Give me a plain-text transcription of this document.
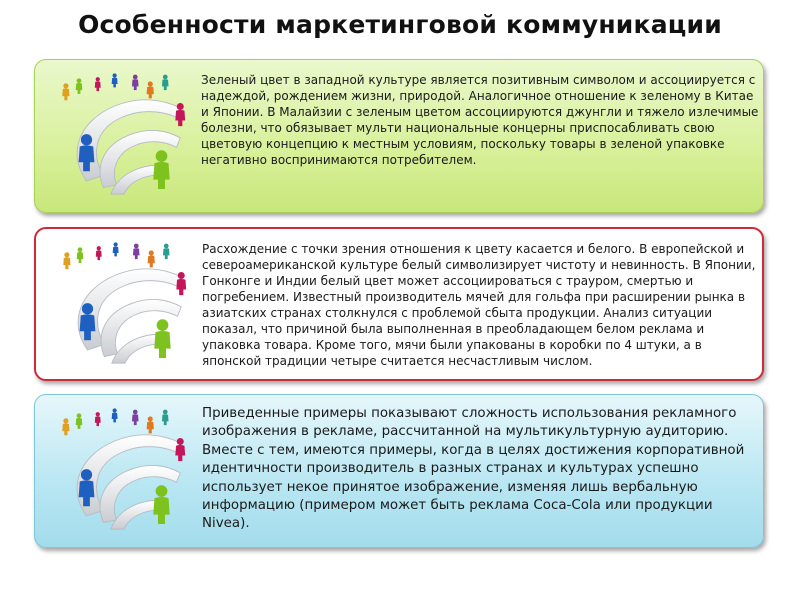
Особенности маркетинговой коммуникации
Зеленый цвет в западной культуре является позитивным символом и ассоциируется с надеждой, рождением жизни, природой. Аналогичное отношение к зеленому в Китае и Японии. В Малайзии с зеленым цветом ассоциируются джунгли и тяжело излечимые болезни, что обязывает мульти национальные концерны приспосабливать свою цветовую концепцию к местным условиям, поскольку товары в зеленой упаковке негативно воспринимаются потребителем.
Расхождение с точки зрения отношения к цвету касается и белого. В европейской и североамериканской культуре белый символизирует чистоту и невинность. В Японии, Гонконге и Индии белый цвет может ассоциироваться с трауром, смертью и погребением. Известный производитель мячей для гольфа при расширении рынка в азиатских странах столкнулся с проблемой сбыта продукции. Анализ ситуации показал, что причиной была выполненная в преобладающем белом рекламa и упаковка товара. Кроме того, мячи были упакованы в коробки по 4 штуки, а в японской традиции четыре считается несчастливым числом.
Приведенные примеры показывают сложность использования рекламного изображения в рекламе, рассчитанной на мультикультурную аудиторию. Вместе с тем, имеются примеры, когда в целях достижения корпоративной идентичности производитель в разных странах и культурах успешно использует некое принятое изображение, изменяя лишь вербальную информацию (примером может быть реклама Coca-Cola или продукции Nivea).
